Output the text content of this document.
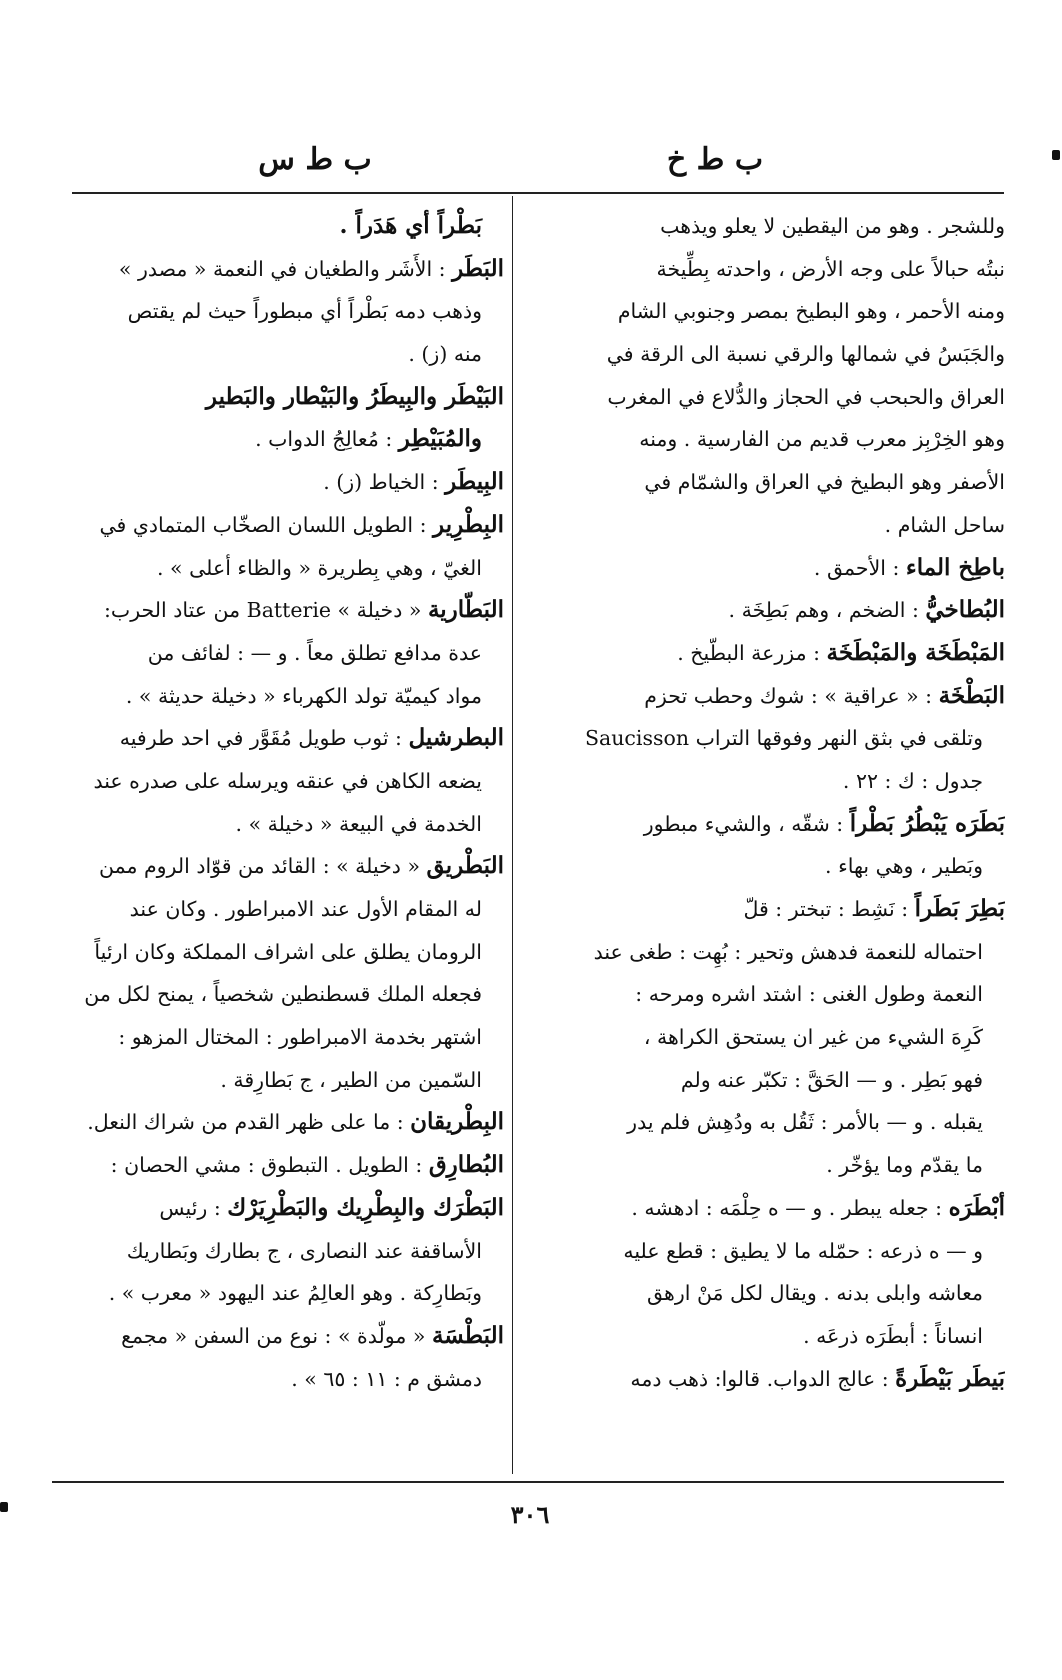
ب ط خ
ب ط س
وللشجر . وهو من اليقطين لا يعلو ويذهب
نبتُه حبالاً على وجه الأرض ، واحدته بِطِّيخة
ومنه الأحمر ، وهو البطيخ بمصر وجنوبي الشام
والجَبَسُ في شمالها والرقي نسبة الى الرقة في
العراق والحبحب في الحجاز والدُّلاع في المغرب
وهو الخِرْبِز معرب قديم من الفارسية . ومنه
الأصفر وهو البطيخ في العراق والشمّام في
ساحل الشام .
باطِخ الماء : الأحمق .
البُطاخيُّ : الضخم ، وهم بَطِخَة .
المَبْطَخَة والمَبْطَخَة : مزرعة البطّيخ .
البَطْخَة : « عراقية » : شوك وحطب تحزم
وتلقى في بثق النهر وفوقها التراب Saucisson
جدول : ك : ٢٢ .
بَطَرَه يَبْطُرُ بَطْراً : شقّه ، والشيء مبطور
وبَطير ، وهي بهاء .
بَطِرَ بَطَراً : نَشِط : تبختر : قلّ
احتماله للنعمة فدهش وتحير : بُهِت : طغى عند
النعمة وطول الغنى : اشتد اشره ومرحه :
كَرِهَ الشيء من غير ان يستحق الكراهة ،
فهو بَطِر . و — الحَقَّ : تكبّر عنه ولم
يقبله . و — بالأمر : ثَقُل به ودُهِش فلم يدر
ما يقدّم وما يؤخّر .
أبْطَرَه : جعله يبطر . و — ه حِلْمَه : ادهشه .
و — ه ذرعه : حمّله ما لا يطيق : قطع عليه
معاشه وابلى بدنه . ويقال لكل مَنْ ارهق
انساناً : أبطَرَه ذرعَه .
بَيطَر بَيْطَرةً : عالج الدواب. قالوا: ذهب دمه
بَطْراً أي هَدَراً .
البَطَر : الأَشَر والطغيان في النعمة « مصدر »
وذهب دمه بَطْراً أي مبطوراً حيث لم يقتص
منه (ز) .
البَيْطَر والبِيطَرُ والبَيْطار والبَطير
والمُبَيْطِر : مُعالِجُ الدواب .
البِيطَر : الخياط (ز) .
البِطْرِير : الطويل اللسان الصخّاب المتمادي في
الغيّ ، وهي بِطريرة « والظاء أعلى » .
البَطّارية « دخيلة » Batterie من عتاد الحرب:
عدة مدافع تطلق معاً . و — : لفائف من
مواد كيميّة تولد الكهرباء « دخيلة حديثة » .
البطرشيل : ثوب طويل مُقَوَّر في احد طرفيه
يضعه الكاهن في عنقه ويرسله على صدره عند
الخدمة في البيعة « دخيلة » .
البَطْريق « دخيلة » : القائد من قوّاد الروم ممن
له المقام الأول عند الامبراطور . وكان عند
الرومان يطلق على اشراف المملكة وكان ارئياً
فجعله الملك قسطنطين شخصياً ، يمنح لكل من
اشتهر بخدمة الامبراطور : المختال المزهو :
السّمين من الطير ، ج بَطارِقة .
البِطْريقان : ما على ظهر القدم من شراك النعل.
البُطارِق : الطويل . التبطوق : مشي الحصان :
البَطْرَك والبِطْرِيك والبَطْرِيَرْك : رئيس
الأساقفة عند النصارى ، ج بطارك وبَطاريك
وبَطارِكة . وهو العالِمُ عند اليهود « معرب » .
البَطْسَة « مولّدة » : نوع من السفن « مجمع
دمشق م : ١١ : ٦٥ » .
٣٠٦
